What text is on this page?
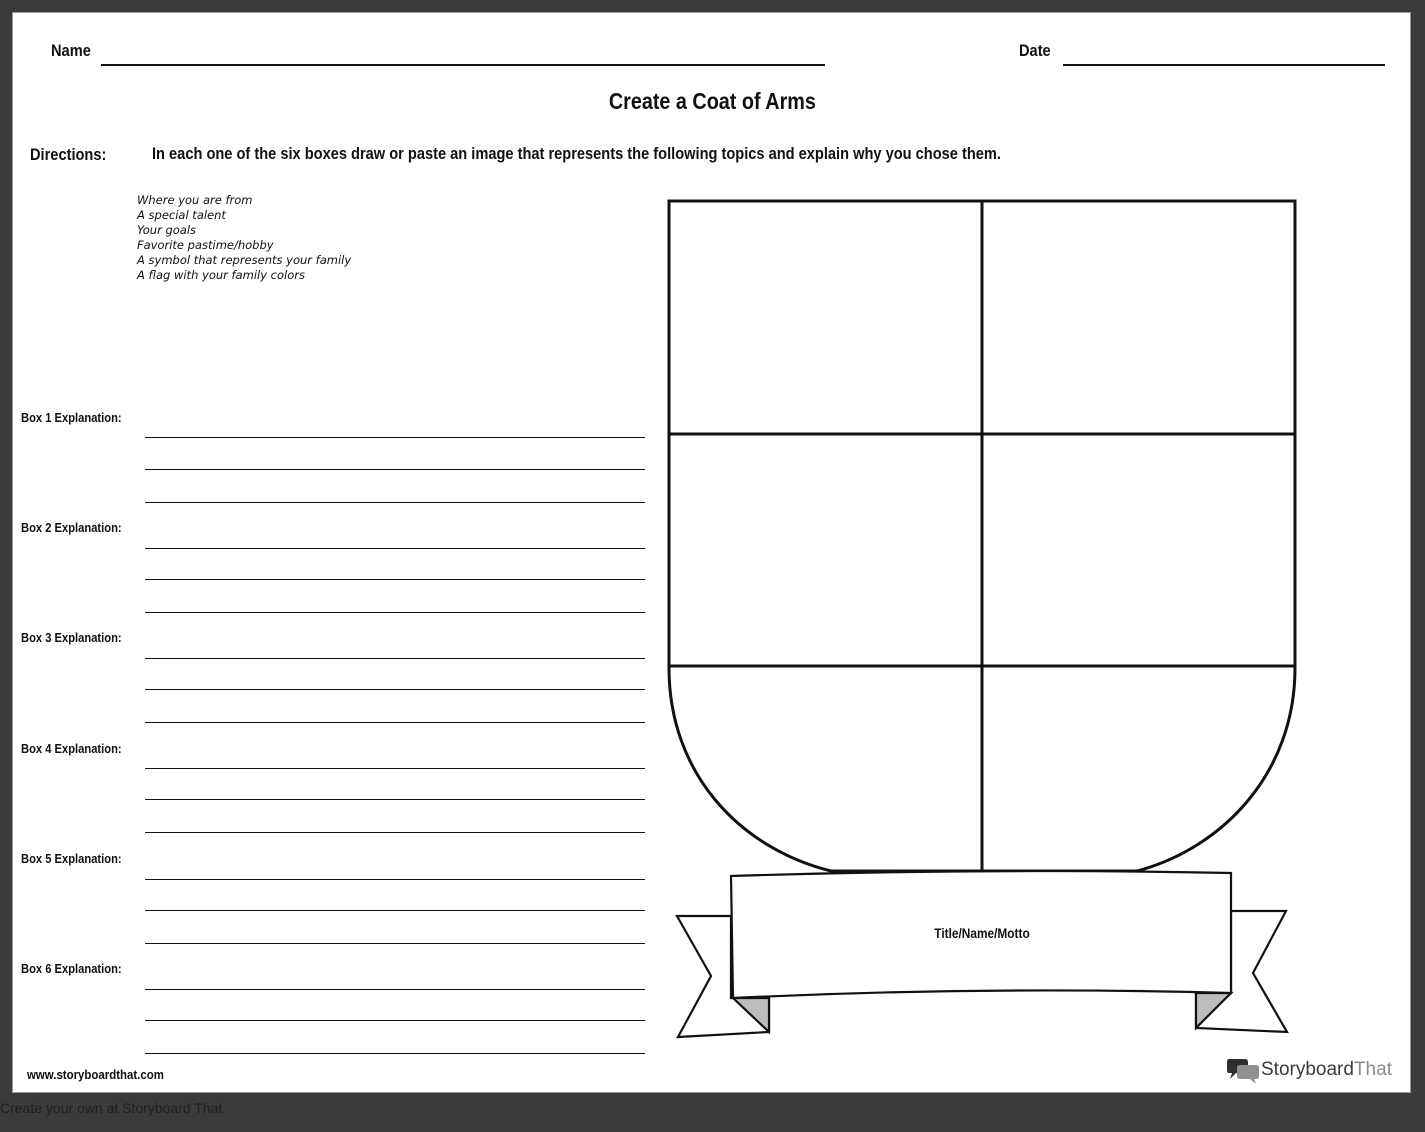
Name	Date
Create a Coat of Arms
Directions:	In each one of the six boxes draw or paste an image that represents the following topics and explain why you chose them.
Where you are from
A special talent
Your goals
Favorite pastime/hobby
A symbol that represents your family
A flag with your family colors
Box 1 Explanation:
Box 2 Explanation:
Box 3 Explanation:
Box 4 Explanation:
Box 5 Explanation:
Box 6 Explanation:
Title/Name/Motto
www.storyboardthat.com	StoryboardThat
Create your own at Storyboard That
